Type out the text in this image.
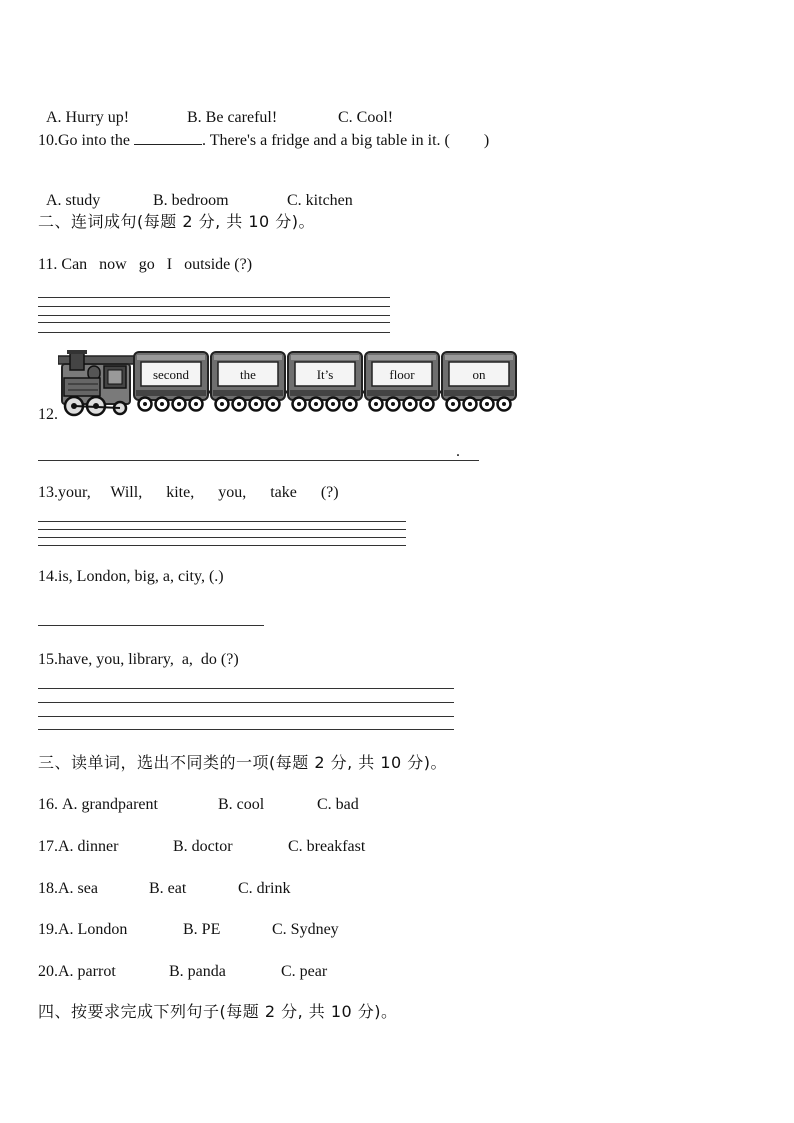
A. Hurry up!	B. Be careful!	C. Cool!

10.Go into the	. There's a fridge and a big table in it. ( )

A. study	B. bedroom	C. kitchen

二、连词成句(每题 2 分, 共 10 分)。
11. Can   now   go   I   outside (?)
12.
second	the	It’s	floor	on
.
13.your,     Will,      kite,      you,      take      (?)
14.is, London, big, a, city, (.)
15.have, you, library,  a,  do (?)
三、读单词，选出不同类的一项(每题 2 分, 共 10 分)。
16. A. grandparent	B. cool	C. bad
17.A. dinner	B. doctor	C. breakfast
18.A. sea	B. eat	C. drink
19.A. London	B. PE	C. Sydney
20.A. parrot	B. panda	C. pear
四、按要求完成下列句子(每题 2 分, 共 10 分)。
